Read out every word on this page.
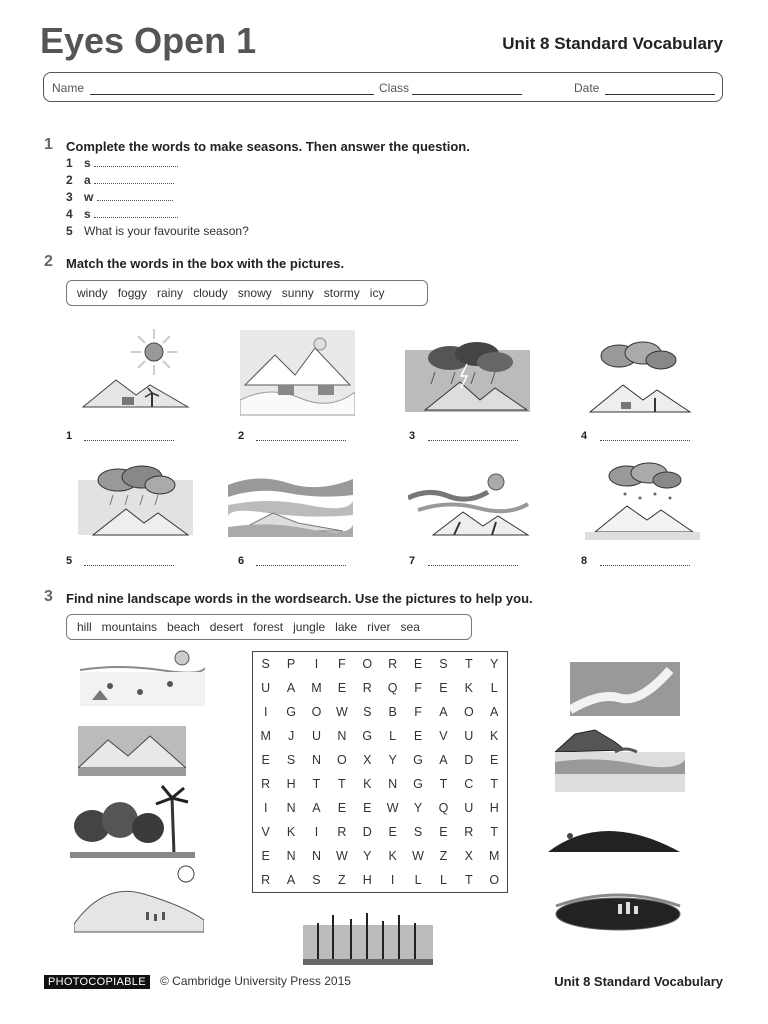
Eyes Open 1	Unit 8 Standard Vocabulary
Name	Class	Date
1 Complete the words to make seasons. Then answer the question.
1 s
2 a
3 w
4 s
5 What is your favourite season?
2 Match the words in the box with the pictures.
windy foggy rainy cloudy snowy sunny stormy icy
1	2	3	4
5	6	7	8
3 Find nine landscape words in the wordsearch. Use the pictures to help you.
hill mountains beach desert forest jungle lake river sea
S	P	I	F	O	R	E	S	T	Y
U	A	M	E	R	Q	F	E	K	L
I	G	O	W	S	B	F	A	O	A
M	J	U	N	G	L	E	V	U	K
E	S	N	O	X	Y	G	A	D	E
R	H	T	T	K	N	G	T	C	T
I	N	A	E	E	W	Y	Q	U	H
V	K	I	R	D	E	S	E	R	T
E	N	N	W	Y	K	W	Z	X	M
R	A	S	Z	H	I	L	L	T	O
PHOTOCOPIABLE	© Cambridge University Press 2015	Unit 8 Standard Vocabulary
